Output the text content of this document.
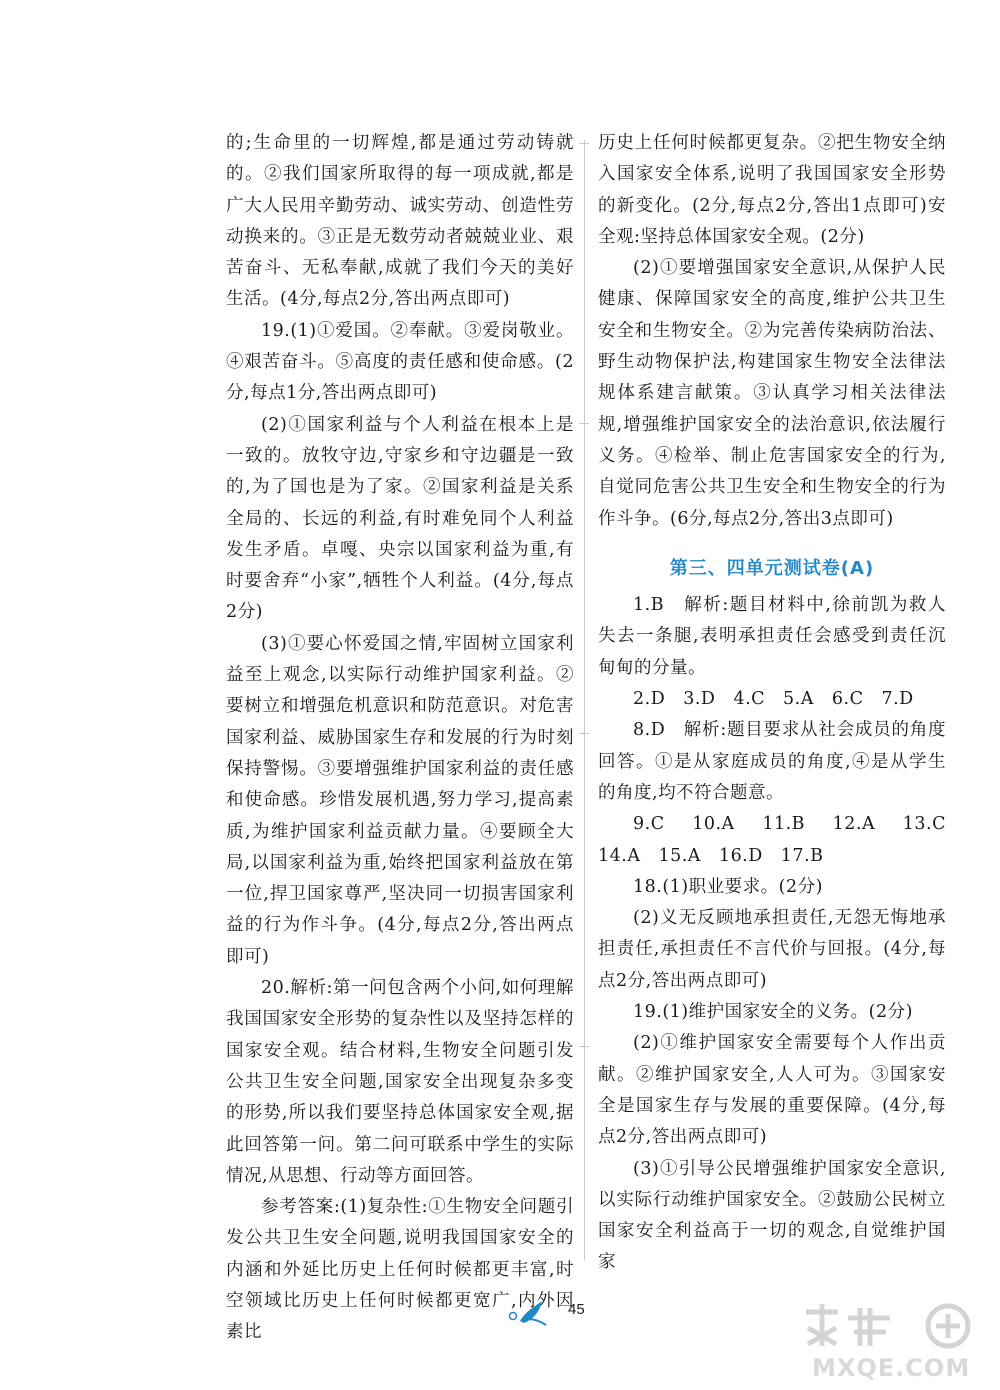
的;生命里的一切辉煌,都是通过劳动铸就的。②我们国家所取得的每一项成就,都是广大人民用辛勤劳动、诚实劳动、创造性劳动换来的。③正是无数劳动者兢兢业业、艰苦奋斗、无私奉献,成就了我们今天的美好生活。(4分,每点2分,答出两点即可)

19.(1)①爱国。②奉献。③爱岗敬业。④艰苦奋斗。⑤高度的责任感和使命感。(2分,每点1分,答出两点即可)

(2)①国家利益与个人利益在根本上是一致的。放牧守边,守家乡和守边疆是一致的,为了国也是为了家。②国家利益是关系全局的、长远的利益,有时难免同个人利益发生矛盾。卓嘎、央宗以国家利益为重,有时要舍弃“小家”,牺牲个人利益。(4分,每点2分)

(3)①要心怀爱国之情,牢固树立国家利益至上观念,以实际行动维护国家利益。②要树立和增强危机意识和防范意识。对危害国家利益、威胁国家生存和发展的行为时刻保持警惕。③要增强维护国家利益的责任感和使命感。珍惜发展机遇,努力学习,提高素质,为维护国家利益贡献力量。④要顾全大局,以国家利益为重,始终把国家利益放在第一位,捍卫国家尊严,坚决同一切损害国家利益的行为作斗争。(4分,每点2分,答出两点即可)

20.解析:第一问包含两个小问,如何理解我国国家安全形势的复杂性以及坚持怎样的国家安全观。结合材料,生物安全问题引发公共卫生安全问题,国家安全出现复杂多变的形势,所以我们要坚持总体国家安全观,据此回答第一问。第二问可联系中学生的实际情况,从思想、行动等方面回答。

参考答案:(1)复杂性:①生物安全问题引发公共卫生安全问题,说明我国国家安全的内涵和外延比历史上任何时候都更丰富,时空领域比历史上任何时候都更宽广,内外因素比

历史上任何时候都更复杂。②把生物安全纳入国家安全体系,说明了我国国家安全形势的新变化。(2分,每点2分,答出1点即可)安全观:坚持总体国家安全观。(2分)

(2)①要增强国家安全意识,从保护人民健康、保障国家安全的高度,维护公共卫生安全和生物安全。②为完善传染病防治法、野生动物保护法,构建国家生物安全法律法规体系建言献策。③认真学习相关法律法规,增强维护国家安全的法治意识,依法履行义务。④检举、制止危害国家安全的行为,自觉同危害公共卫生安全和生物安全的行为作斗争。(6分,每点2分,答出3点即可)

第三、四单元测试卷(A)

1.B　解析:题目材料中,徐前凯为救人失去一条腿,表明承担责任会感受到责任沉甸甸的分量。

2.D　3.D　4.C　5.A　6.C　7.D

8.D　解析:题目要求从社会成员的角度回答。①是从家庭成员的角度,④是从学生的角度,均不符合题意。

9.C　10.A　11.B　12.A　13.C　14.A　15.A　16.D　17.B

18.(1)职业要求。(2分)

(2)义无反顾地承担责任,无怨无悔地承担责任,承担责任不言代价与回报。(4分,每点2分,答出两点即可)

19.(1)维护国家安全的义务。(2分)

(2)①维护国家安全需要每个人作出贡献。②维护国家安全,人人可为。③国家安全是国家生存与发展的重要保障。(4分,每点2分,答出两点即可)

(3)①引导公民增强维护国家安全意识,以实际行动维护国家安全。②鼓励公民树立国家安全利益高于一切的观念,自觉维护国家

45
MXQE.COM
